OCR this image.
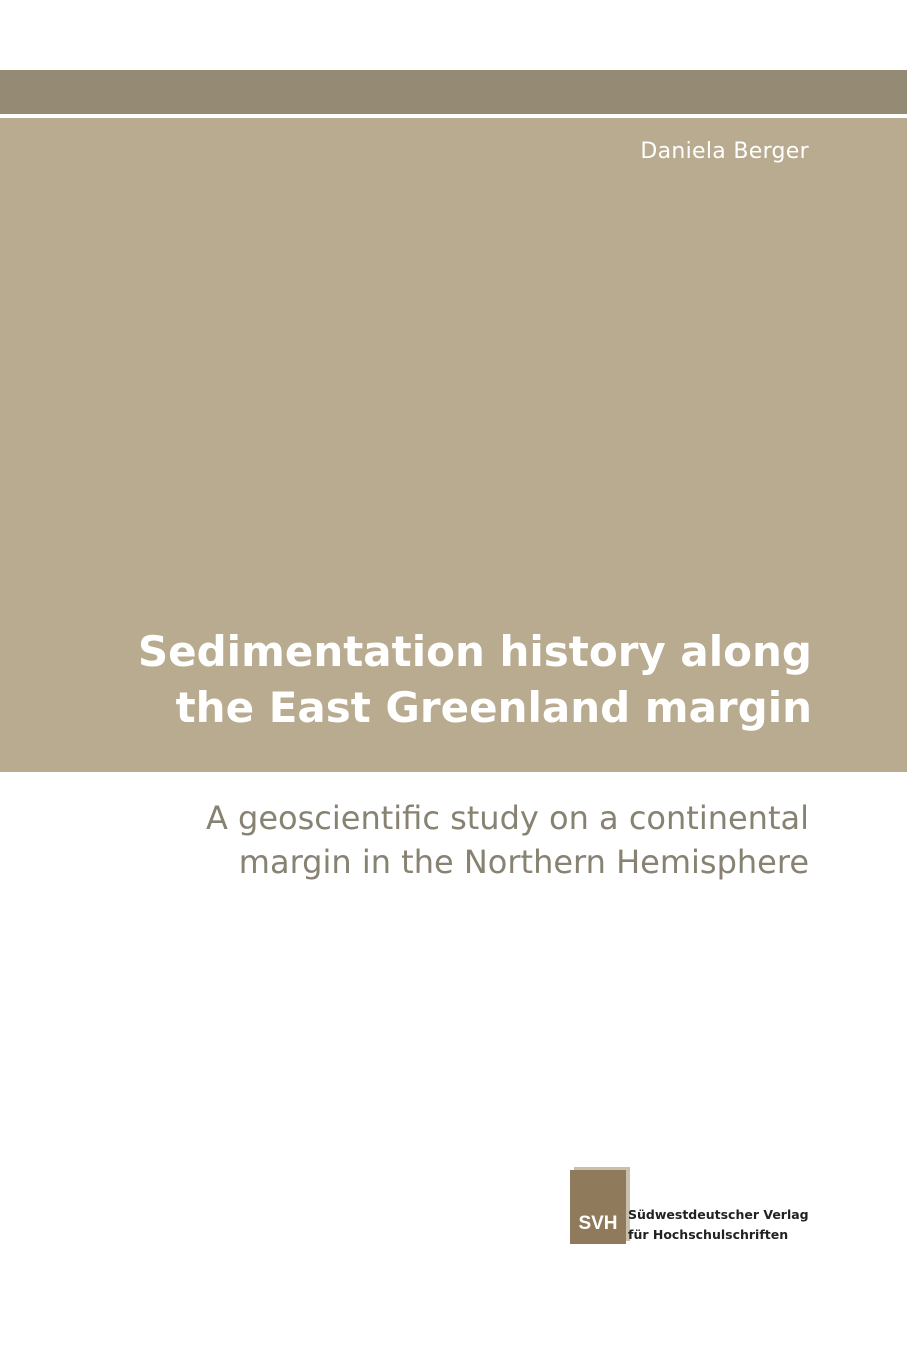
Daniela Berger
Sedimentation history along
the East Greenland margin
A geoscientific study on a continental
margin in the Northern Hemisphere
SVH Südwestdeutscher Verlag
für Hochschulschriften
